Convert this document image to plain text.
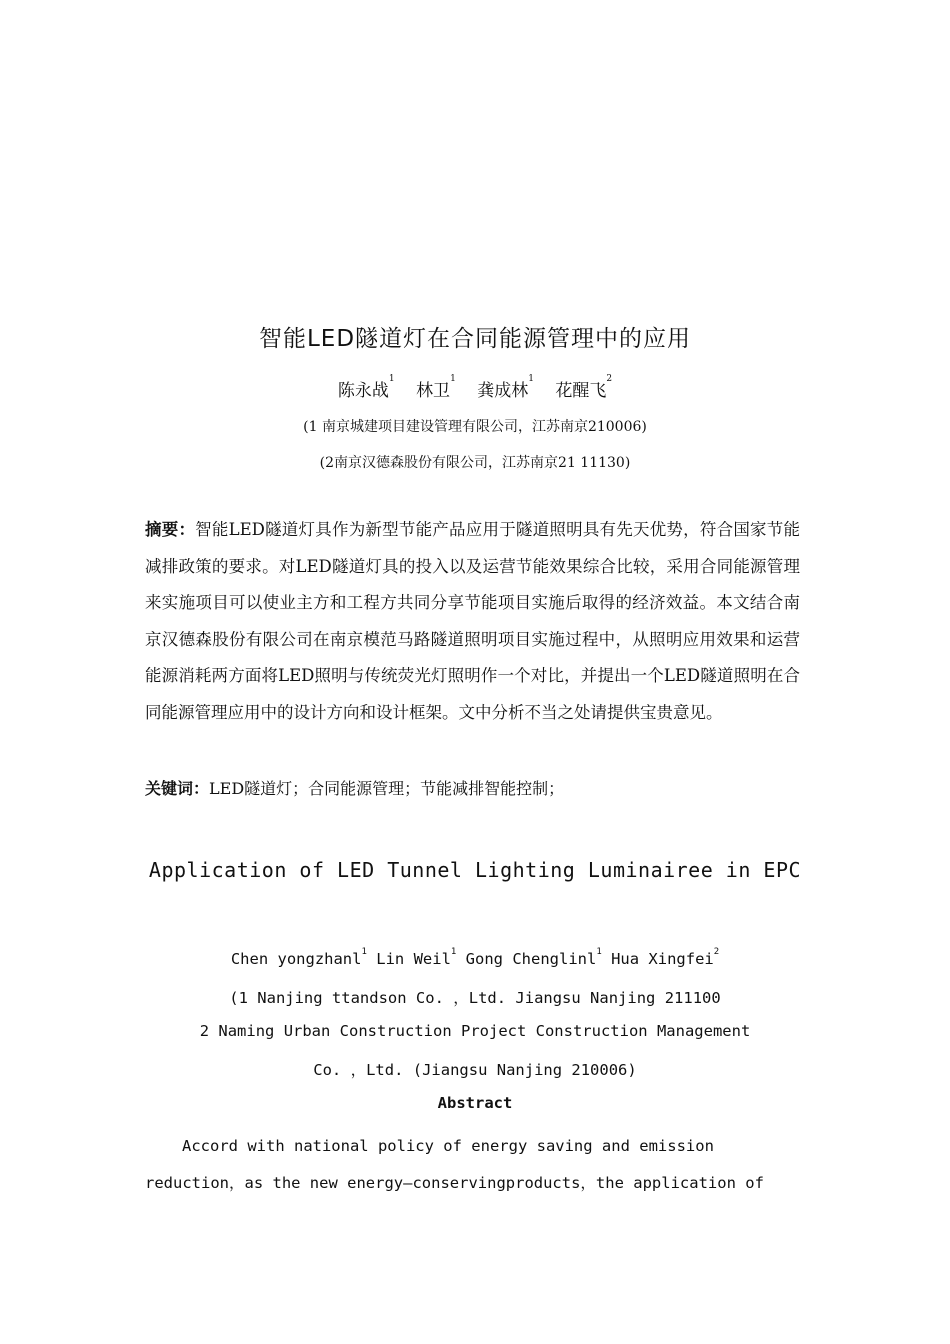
智能LED隧道灯在合同能源管理中的应用
陈永战$^1$ 林卫$^1$ 龚成林$^1$ 花醒飞$^2$
(1 南京城建项目建设管理有限公司，江苏南京210006)
(2南京汉德森股份有限公司，江苏南京21 11130)
摘要：智能LED隧道灯具作为新型节能产品应用于隧道照明具有先天优势，符合国家节能减排政策的要求。对LED隧道灯具的投入以及运营节能效果综合比较，采用合同能源管理来实施项目可以使业主方和工程方共同分享节能项目实施后取得的经济效益。本文结合南京汉德森股份有限公司在南京模范马路隧道照明项目实施过程中，从照明应用效果和运营能源消耗两方面将LED照明与传统荧光灯照明作一个对比，并提出一个LED隧道照明在合同能源管理应用中的设计方向和设计框架。文中分析不当之处请提供宝贵意见。
关键词：LED隧道灯；合同能源管理；节能减排智能控制；
Application of LED Tunnel Lighting Luminairee in EPC
Chen yongzhanl$^1$ Lin Weil$^1$ Gong Chenglinl$^1$ Hua Xingfei$^2$
(1 Nanjing ttandson Co. ，Ltd. Jiangsu Nanjing 211100
2 Naming Urban Construction Project Construction Management
Co. ，Ltd. (Jiangsu Nanjing 210006)
Abstract
Accord with national policy of energy saving and emission
reduction，as the new energy—conservingproducts，the application of
